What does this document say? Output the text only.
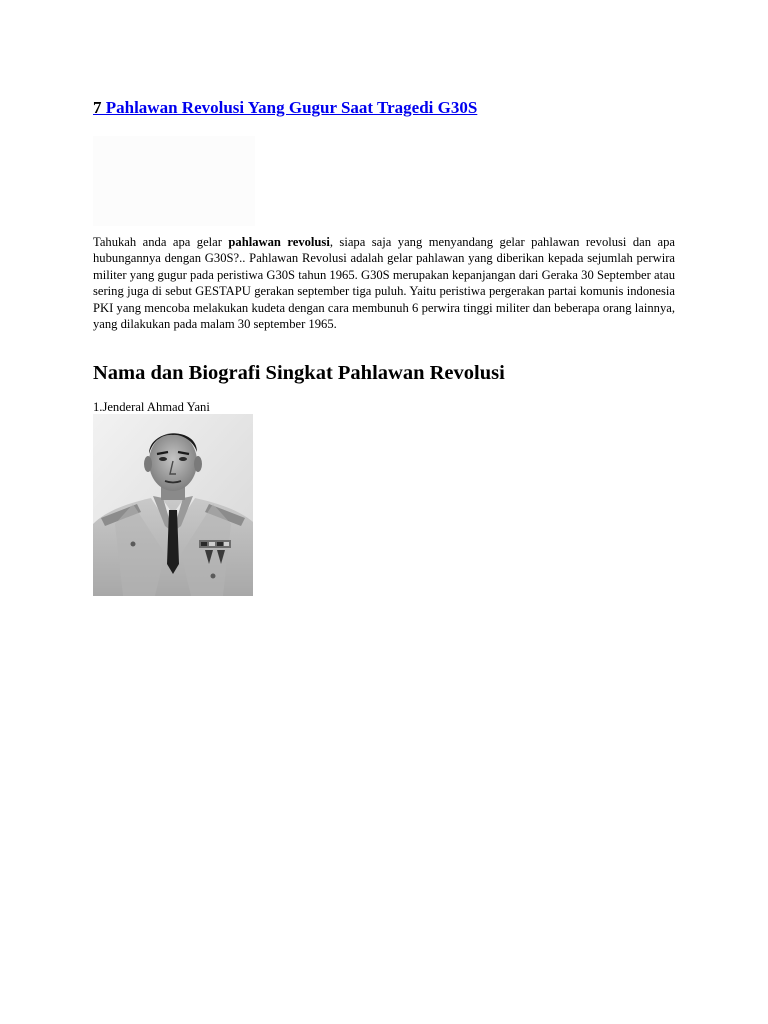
7 Pahlawan Revolusi Yang Gugur Saat Tragedi G30S

Tahukah anda apa gelar pahlawan revolusi, siapa saja yang menyandang gelar pahlawan revolusi dan apa hubungannya dengan G30S?.. Pahlawan Revolusi adalah gelar pahlawan yang diberikan kepada sejumlah perwira militer yang gugur pada peristiwa G30S tahun 1965. G30S merupakan kepanjangan dari Geraka 30 September atau sering juga di sebut GESTAPU gerakan september tiga puluh. Yaitu peristiwa pergerakan partai komunis indonesia PKI yang mencoba melakukan kudeta dengan cara membunuh 6 perwira tinggi militer dan beberapa orang lainnya, yang dilakukan pada malam 30 september 1965.

Nama dan Biografi Singkat Pahlawan Revolusi

1.Jenderal Ahmad Yani
